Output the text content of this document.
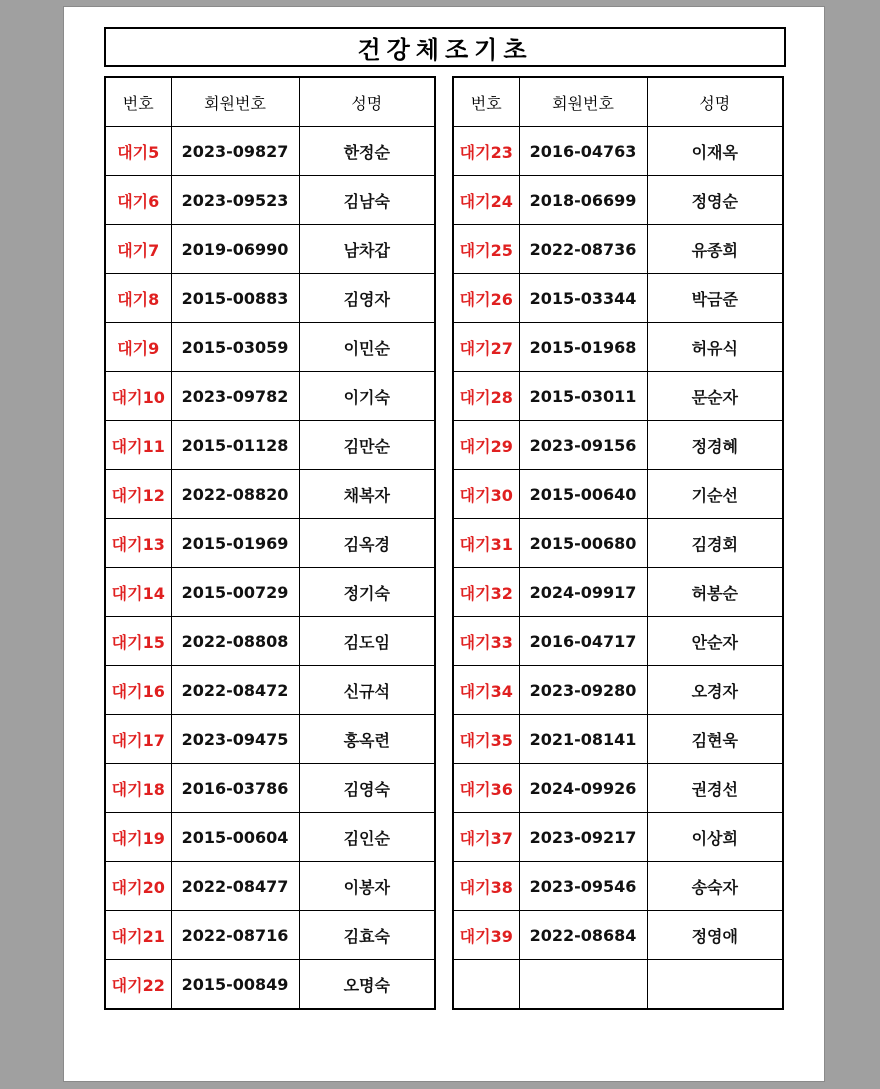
건강체조기초
번호	회원번호	성명
대기5	2023-09827	한정순
대기6	2023-09523	김남숙
대기7	2019-06990	남차갑
대기8	2015-00883	김영자
대기9	2015-03059	이민순
대기10	2023-09782	이기숙
대기11	2015-01128	김만순
대기12	2022-08820	채복자
대기13	2015-01969	김옥경
대기14	2015-00729	정기숙
대기15	2022-08808	김도임
대기16	2022-08472	신규석
대기17	2023-09475	홍옥련
대기18	2016-03786	김영숙
대기19	2015-00604	김인순
대기20	2022-08477	이봉자
대기21	2022-08716	김효숙
대기22	2015-00849	오명숙
번호	회원번호	성명
대기23	2016-04763	이재옥
대기24	2018-06699	정영순
대기25	2022-08736	유종희
대기26	2015-03344	박금준
대기27	2015-01968	허유식
대기28	2015-03011	문순자
대기29	2023-09156	정경혜
대기30	2015-00640	기순선
대기31	2015-00680	김경회
대기32	2024-09917	허봉순
대기33	2016-04717	안순자
대기34	2023-09280	오경자
대기35	2021-08141	김현욱
대기36	2024-09926	권경선
대기37	2023-09217	이상희
대기38	2023-09546	송숙자
대기39	2022-08684	정영애
